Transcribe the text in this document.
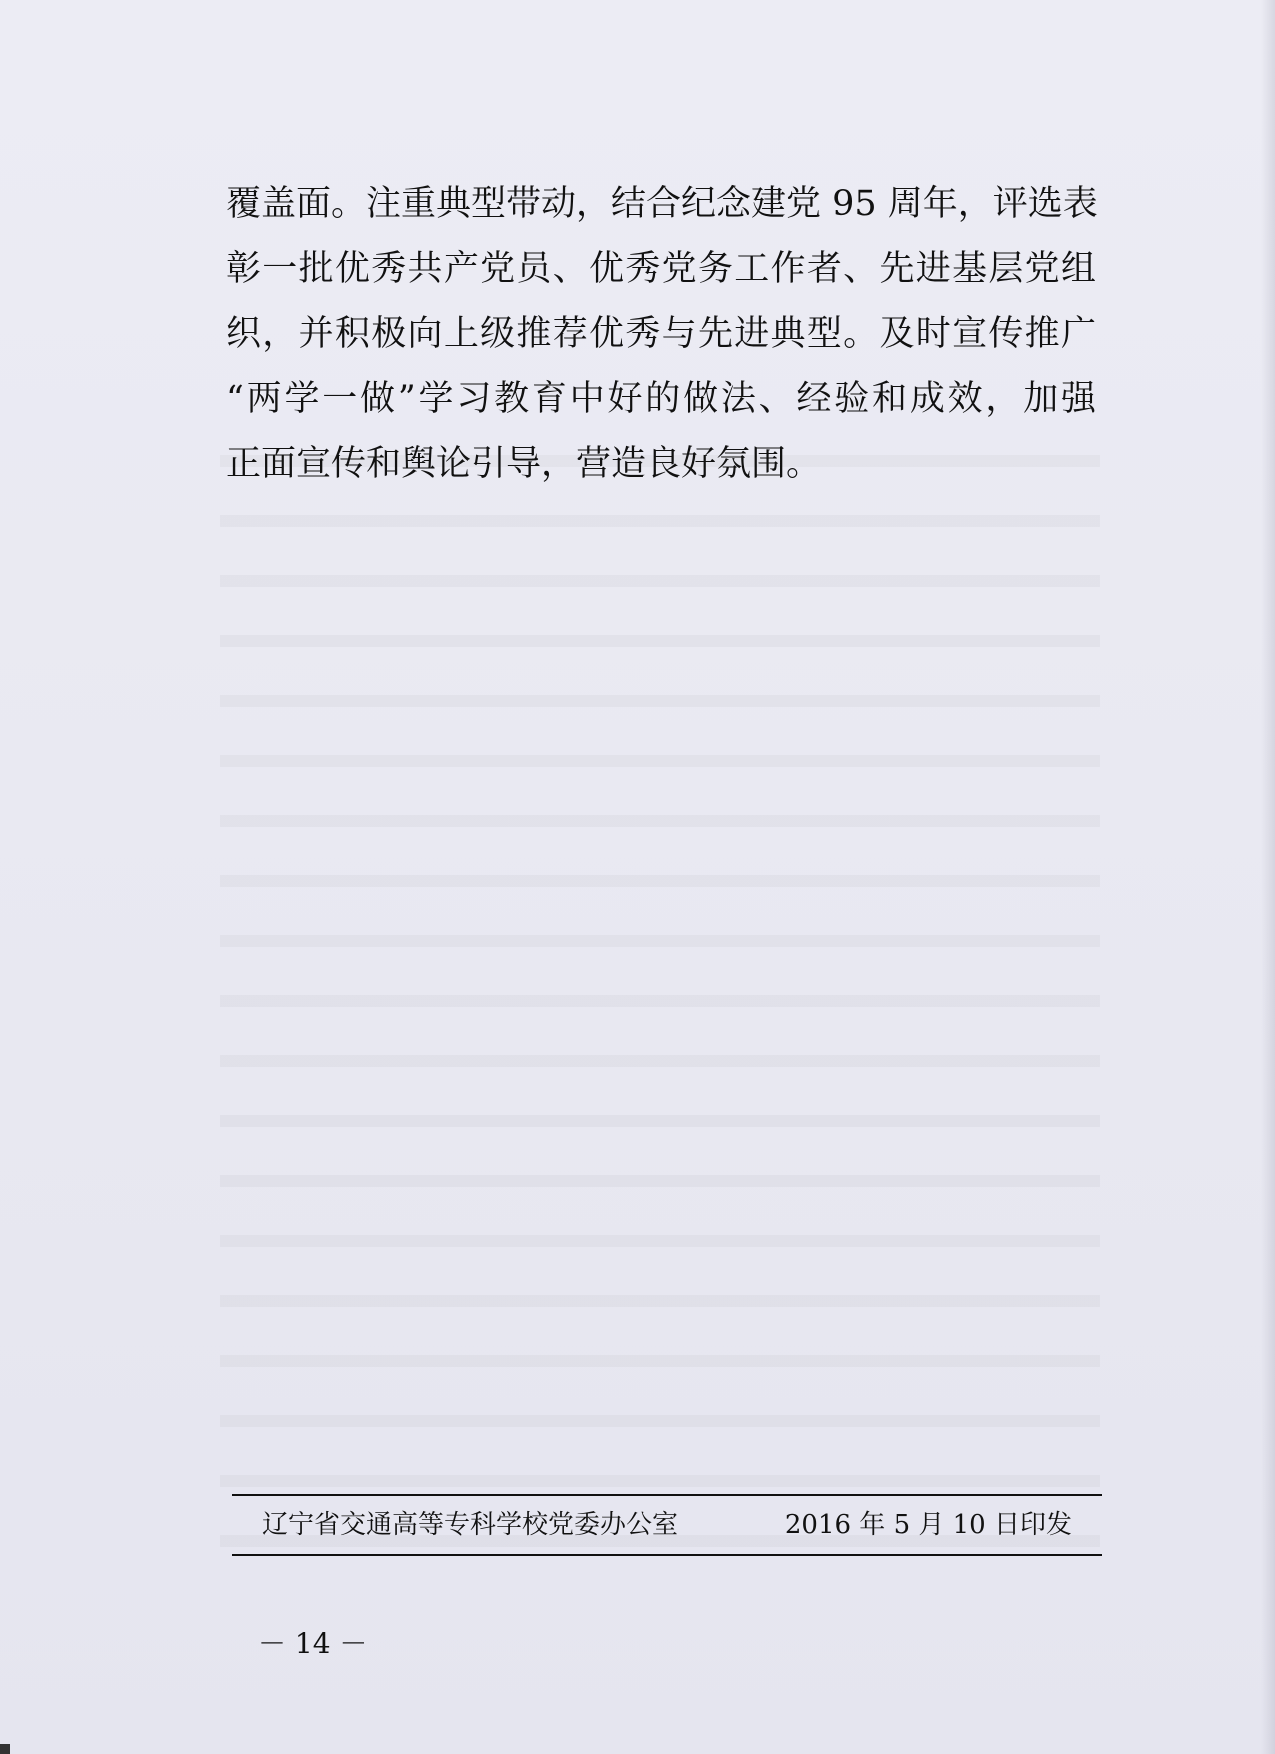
覆盖面。注重典型带动，结合纪念建党 95 周年，评选表
彰一批优秀共产党员、优秀党务工作者、先进基层党组
织，并积极向上级推荐优秀与先进典型。及时宣传推广
“两学一做”学习教育中好的做法、经验和成效，加强
正面宣传和舆论引导，营造良好氛围。
辽宁省交通高等专科学校党委办公室	2016 年 5 月 10 日印发
－ 14 －
